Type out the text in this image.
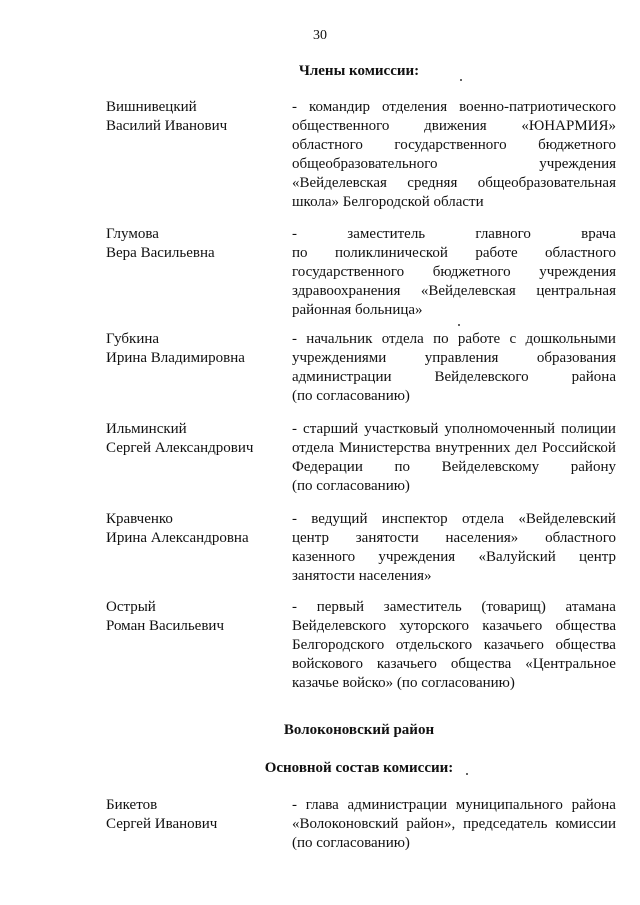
30
Члены комиссии:
Вишнивецкий
Василий Иванович
- командир отделения военно-патриотического
общественного движения «ЮНАРМИЯ»
областного государственного бюджетного
общеобразовательного	учреждения
«Вейделевская средняя общеобразовательная
школа» Белгородской области
Глумова
Вера Васильевна
-	заместитель	главного	врача
по поликлинической работе областного
государственного бюджетного учреждения
здравоохранения «Вейделевская центральная
районная больница»
Губкина
Ирина Владимировна
- начальник отдела по работе с дошкольными
учреждениями	управления	образования
администрации	Вейделевского	района
(по согласованию)
Ильминский
Сергей Александрович
- старший участковый уполномоченный полиции
отдела Министерства внутренних дел Российской
Федерации по Вейделевскому району
(по согласованию)
Кравченко
Ирина Александровна
- ведущий инспектор отдела «Вейделевский
центр занятости населения» областного
казенного учреждения «Валуйский центр
занятости населения»
Острый
Роман Васильевич
- первый заместитель (товарищ) атамана
Вейделевского хуторского казачьего общества
Белгородского отдельского казачьего общества
войскового казачьего общества «Центральное
казачье войско» (по согласованию)
Бикетов
Сергей Иванович
- глава администрации муниципального района
«Волоконовский район», председатель комиссии
(по согласованию)
Волоконовский район
Основной состав комиссии:
